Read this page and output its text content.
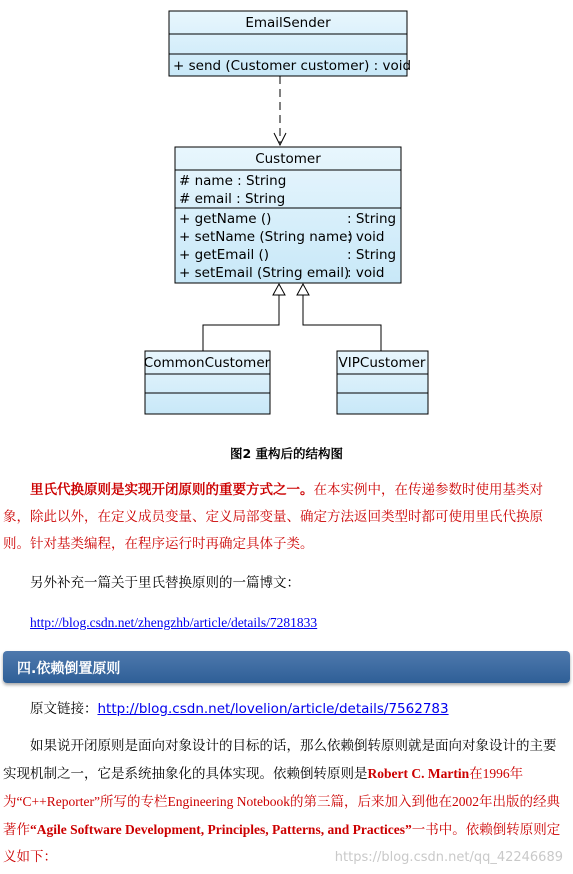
EmailSender
+ send (Customer customer) : void
Customer
# name : String
# email : String
+ getName ()	: String
+ setName (String name)
: void
+ getEmail ()	: String
+ setEmail (String email)
: void
CommonCustomer	VIPCustomer
图2 重构后的结构图
里氏代换原则是实现开闭原则的重要方式之一。在本实例中，在传递参数时使用基类对象，除此以外，在定义成员变量、定义局部变量、确定方法返回类型时都可使用里氏代换原则。针对基类编程，在程序运行时再确定具体子类。
另外补充一篇关于里氏替换原则的一篇博文：
http://blog.csdn.net/zhengzhb/article/details/7281833
四.依赖倒置原则
原文链接：http://blog.csdn.net/lovelion/article/details/7562783
如果说开闭原则是面向对象设计的目标的话，那么依赖倒转原则就是面向对象设计的主要实现机制之一，它是系统抽象化的具体实现。依赖倒转原则是Robert C. Martin在1996年为“C++Reporter”所写的专栏Engineering Notebook的第三篇，后来加入到他在2002年出版的经典著作“Agile Software Development, Principles, Patterns, and Practices”一书中。依赖倒转原则定义如下：	https://blog.csdn.net/qq_42246689
